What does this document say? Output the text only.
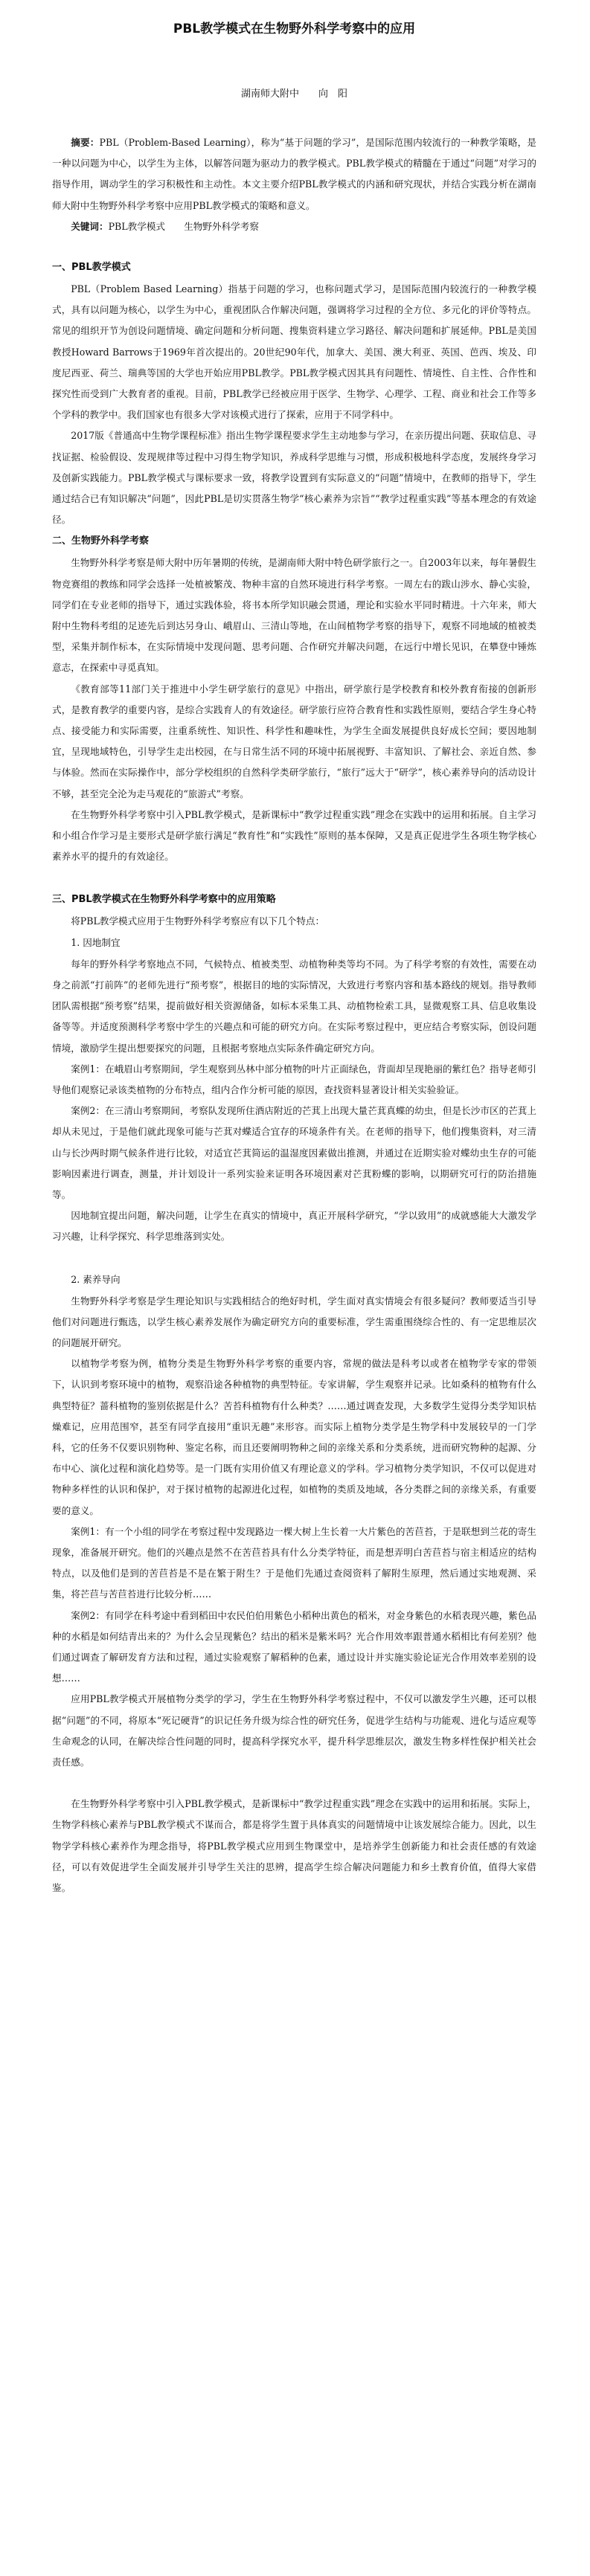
PBL教学模式在生物野外科学考察中的应用
湖南师大附中　　向　阳

摘要：PBL（Problem-Based Learning），称为“基于问题的学习”，是国际范围内较流行的一种教学策略，是一种以问题为中心，以学生为主体，以解答问题为驱动力的教学模式。PBL教学模式的精髓在于通过“问题”对学习的指导作用，调动学生的学习积极性和主动性。本文主要介绍PBL教学模式的内涵和研究现状，并结合实践分析在湖南师大附中生物野外科学考察中应用PBL教学模式的策略和意义。

关键词：PBL教学模式　　生物野外科学考察

一、PBL教学模式

PBL（Problem Based Learning）指基于问题的学习，也称问题式学习，是国际范围内较流行的一种教学模式，具有以问题为核心，以学生为中心，重视团队合作解决问题，强调将学习过程的全方位、多元化的评价等特点。常见的组织开节为创设问题情境、确定问题和分析问题、搜集资料建立学习路径、解决问题和扩展延伸。PBL是美国教授Howard Barrows于1969年首次提出的。20世纪90年代，加拿大、美国、澳大利亚、英国、芭西、埃及、印度尼西亚、荷兰、瑞典等国的大学也开始应用PBL教学。PBL教学模式因其具有问题性、情境性、自主性、合作性和探究性而受到广大教育者的重视。目前，PBL教学已经被应用于医学、生物学、心理学、工程、商业和社会工作等多个学科的教学中。我们国家也有很多大学对该模式进行了探索，应用于不同学科中。

2017版《普通高中生物学课程标准》指出生物学课程要求学生主动地参与学习，在亲历提出问题、获取信息、寻找证据、检验假设、发现规律等过程中习得生物学知识，养成科学思维与习惯，形成积极地科学态度，发展终身学习及创新实践能力。PBL教学模式与课标要求一致，将教学设置到有实际意义的“问题”情境中，在教师的指导下，学生通过结合已有知识解决“问题”，因此PBL是切实贯落生物学“核心素养为宗旨”“教学过程重实践”等基本理念的有效途径。

二、生物野外科学考察

生物野外科学考察是师大附中历年暑期的传统，是湖南师大附中特色研学旅行之一。自2003年以来，每年暑假生物竞赛组的教练和同学会选择一处植被繁茂、物种丰富的自然环境进行科学考察。一周左右的跋山涉水、静心实验，同学们在专业老师的指导下，通过实践体验，将书本所学知识融会贯通，理论和实验水平同时精进。十六年来，师大附中生物科考组的足迹先后到达另身山、峨眉山、三清山等地，在山间植物学考察的指导下，观察不同地域的植被类型，采集并制作标本，在实际情境中发现问题、思考问题、合作研究并解决问题，在远行中增长见识，在攀登中锤炼意志，在探索中寻觅真知。

《教育部等11部门关于推进中小学生研学旅行的意见》中指出，研学旅行是学校教育和校外教育衔接的创新形式，是教育教学的重要内容，是综合实践育人的有效途径。研学旅行应符合教育性和实践性原则，要结合学生身心特点、接受能力和实际需要，注重系统性、知识性、科学性和趣味性，为学生全面发展提供良好成长空间；要因地制宜，呈现地域特色，引导学生走出校园，在与日常生活不同的环境中拓展视野、丰富知识、了解社会、亲近自然、参与体验。然而在实际操作中，部分学校组织的自然科学类研学旅行，“旅行”远大于“研学”，核心素养导向的活动设计不够，甚至完全沦为走马观花的“旅游式”考察。

在生物野外科学考察中引入PBL教学模式，是新课标中“教学过程重实践”理念在实践中的运用和拓展。自主学习和小组合作学习是主要形式是研学旅行满足“教育性”和“实践性”原则的基本保障，又是真正促进学生各项生物学核心素养水平的提升的有效途径。

三、PBL教学模式在生物野外科学考察中的应用策略

将PBL教学模式应用于生物野外科学考察应有以下几个特点：

1. 因地制宜

每年的野外科学考察地点不同，气候特点、植被类型、动植物种类等均不同。为了科学考察的有效性，需要在动身之前派“打前阵”的老师先进行“预考察”，根据目的地的实际情况，大致进行考察内容和基本路线的规划。指导教师团队需根据“预考察”结果，提前做好相关资源储备，如标本采集工具、动植物检索工具，显微观察工具、信息收集设备等等。并适度预测科学考察中学生的兴趣点和可能的研究方向。在实际考察过程中，更应结合考察实际，创设问题情境，激励学生提出想要探究的问题，且根据考察地点实际条件确定研究方向。

案例1：在峨眉山考察期间，学生观察到丛林中部分植物的叶片正面绿色，背面却呈现艳丽的紫红色？指导老师引导他们观察记录该类植物的分布特点，组内合作分析可能的原因，查找资料显著设计相关实验验证。

案例2：在三清山考察期间，考察队发现所住酒店附近的芒萁上出现大量芒萁真蝶的幼虫，但是长沙市区的芒萁上却从未见过，于是他们就此现象可能与芒萁对蝶适合宜存的环境条件有关。在老师的指导下，他们搜集资料，对三清山与长沙两时期气候条件进行比较，对适宜芒萁简运的温湿度因素做出推测，并通过在近期实验对蝶幼虫生存的可能影响因素进行调查，测量，并计划设计一系列实验来证明各环境因素对芒萁粉蝶的影响，以期研究可行的防治措施等。

因地制宜提出问题，解决问题，让学生在真实的情境中，真正开展科学研究，“学以致用”的成就感能大大激发学习兴趣，让科学探究、科学思维落到实处。

2. 素养导向

生物野外科学考察是学生理论知识与实践相结合的绝好时机，学生面对真实情境会有很多疑问？教师要适当引导他们对问题进行甄选，以学生核心素养发展作为确定研究方向的重要标准，学生需重围绕综合性的、有一定思维层次的问题展开研究。

以植物学考察为例，植物分类是生物野外科学考察的重要内容，常规的做法是科考以或者在植物学专家的带领下，认识到考察环境中的植物，观察沿途各种植物的典型特征。专家讲解，学生观察并记录。比如桑科的植物有什么典型特征？蔷科植物的鉴别依据是什么？苦苔科植物有什么种类？……通过调查发现，大多数学生觉得分类学知识枯燥难记，应用范围窄，甚至有同学直接用“重识无趣”来形容。而实际上植物分类学是生物学科中发展较早的一门学科，它的任务不仅要识别物种、鉴定名称，而且还要阐明物种之间的亲缘关系和分类系统，进而研究物种的起源、分布中心、演化过程和演化趋势等。是一门既有实用价值又有理论意义的学科。学习植物分类学知识，不仅可以促进对物种多样性的认识和保护，对于探讨植物的起源进化过程，如植物的类质及地域，各分类群之间的亲缘关系，有重要要的意义。

案例1：有一个小组的同学在考察过程中发现路边一棵大树上生长着一大片紫色的苦苣苔，于是联想到兰花的寄生现象，准备展开研究。他们的兴趣点是然不在苦苣苔具有什么分类学特征，而是想弄明白苦苣苔与宿主相适应的结构特点，以及他们是到的苦苣苔是不是在繁于附生？于是他们先通过查阅资料了解附生原理，然后通过实地观测、采集，将芒苣与苦苣苔进行比较分析……

案例2：有同学在科考途中看到稻田中农民伯伯用紫色小稻种出黄色的稻米，对金身紫色的水稻表现兴趣，紫色品种的水稻是如何结青出来的？为什么会呈现紫色？结出的稻米是紫米吗？光合作用效率跟普通水稻相比有何差别？他们通过调查了解研发育方法和过程，通过实验观察了解稻种的色素，通过设计并实施实验论证光合作用效率差别的设想……

应用PBL教学模式开展植物分类学的学习，学生在生物野外科学考察过程中，不仅可以激发学生兴趣，还可以根据“问题”的不同，将原本“死记硬背”的识记任务升级为综合性的研究任务，促进学生结构与功能观、进化与适应观等生命观念的认同，在解决综合性问题的同时，提高科学探究水平，提升科学思维层次，激发生物多样性保护相关社会责任感。

在生物野外科学考察中引入PBL教学模式，是新课标中“教学过程重实践”理念在实践中的运用和拓展。实际上，生物学科核心素养与PBL教学模式不谋而合，都是将学生置于具体真实的问题情境中让该发展综合能力。因此，以生物学学科核心素养作为理念指导，将PBL教学模式应用到生物课堂中，是培养学生创新能力和社会责任感的有效途径，可以有效促进学生全面发展并引导学生关注的思辨，提高学生综合解决问题能力和乡土教育价值，值得大家借鉴。
